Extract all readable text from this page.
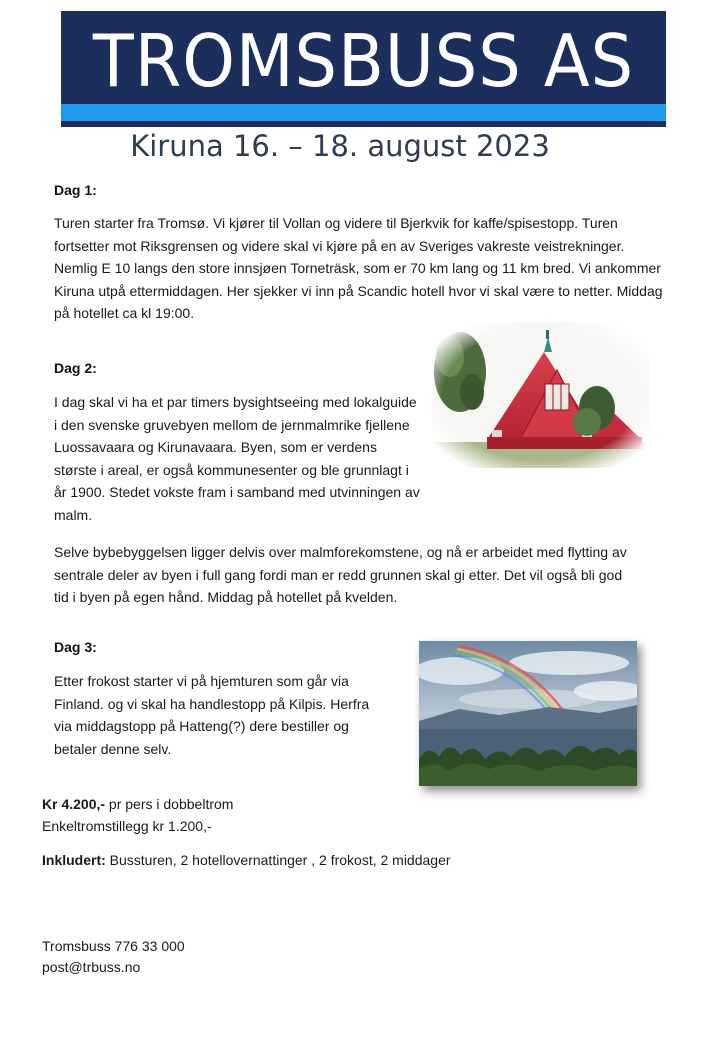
TROMSBUSS AS
Kiruna 16. – 18. august 2023
Dag 1:

Turen starter fra Tromsø. Vi kjører til Vollan og videre til Bjerkvik for kaffe/spisestopp. Turen fortsetter mot Riksgrensen og videre skal vi kjøre på en av Sveriges vakreste veistrekninger. Nemlig E 10 langs den store innsjøen Torneträsk, som er 70 km lang og 11 km bred. Vi ankommer Kiruna utpå ettermiddagen. Her sjekker vi inn på Scandic hotell hvor vi skal være to netter. Middag på hotellet ca kl 19:00.

Dag 2:

I dag skal vi ha et par timers bysightseeing med lokalguide i den svenske gruvebyen mellom de jernmalmrike fjellene Luossavaara og Kirunavaara. Byen, som er verdens største i areal, er også kommunesenter og ble grunnlagt i år 1900. Stedet vokste fram i samband med utvinningen av malm.

Selve bybebyggelsen ligger delvis over malmforekomstene, og nå er arbeidet med flytting av sentrale deler av byen i full gang fordi man er redd grunnen skal gi etter. Det vil også bli god tid i byen på egen hånd. Middag på hotellet på kvelden.

Dag 3:

Etter frokost starter vi på hjemturen som går via Finland. og vi skal ha handlestopp på Kilpis. Herfra via middagstopp på Hatteng(?) dere bestiller og betaler denne selv.

Kr 4.200,- pr pers i dobbeltrom

Enkeltromstillegg kr 1.200,-

Inkludert: Bussturen, 2 hotellovernattinger , 2 frokost, 2 middager

Tromsbuss 776 33 000

post@trbuss.no
